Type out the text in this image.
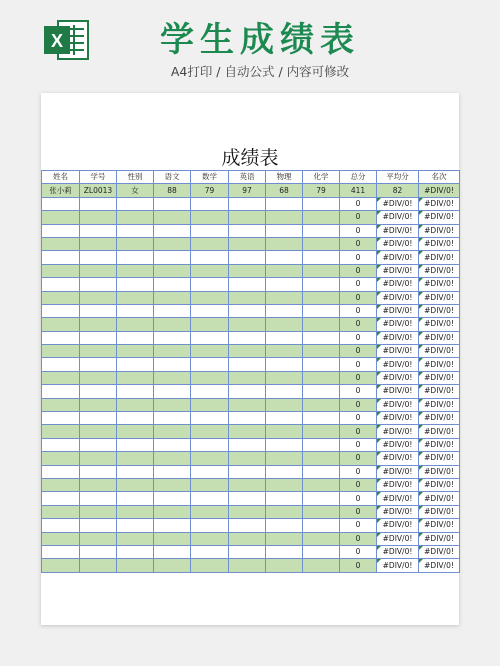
X	学生成绩表
A4打印 / 自动公式 / 内容可修改
成绩表
姓名	学号	性别	语文	数学	英语	物理	化学	总分	平均分	名次
张小莉	ZL0013	女	88	79	97	68	79	411	82	#DIV/0!
								0	#DIV/0!	#DIV/0!
								0	#DIV/0!	#DIV/0!
								0	#DIV/0!	#DIV/0!
								0	#DIV/0!	#DIV/0!
								0	#DIV/0!	#DIV/0!
								0	#DIV/0!	#DIV/0!
								0	#DIV/0!	#DIV/0!
								0	#DIV/0!	#DIV/0!
								0	#DIV/0!	#DIV/0!
								0	#DIV/0!	#DIV/0!
								0	#DIV/0!	#DIV/0!
								0	#DIV/0!	#DIV/0!
								0	#DIV/0!	#DIV/0!
								0	#DIV/0!	#DIV/0!
								0	#DIV/0!	#DIV/0!
								0	#DIV/0!	#DIV/0!
								0	#DIV/0!	#DIV/0!
								0	#DIV/0!	#DIV/0!
								0	#DIV/0!	#DIV/0!
								0	#DIV/0!	#DIV/0!
								0	#DIV/0!	#DIV/0!
								0	#DIV/0!	#DIV/0!
								0	#DIV/0!	#DIV/0!
								0	#DIV/0!	#DIV/0!
								0	#DIV/0!	#DIV/0!
								0	#DIV/0!	#DIV/0!
								0	#DIV/0!	#DIV/0!
								0	#DIV/0!	#DIV/0!
